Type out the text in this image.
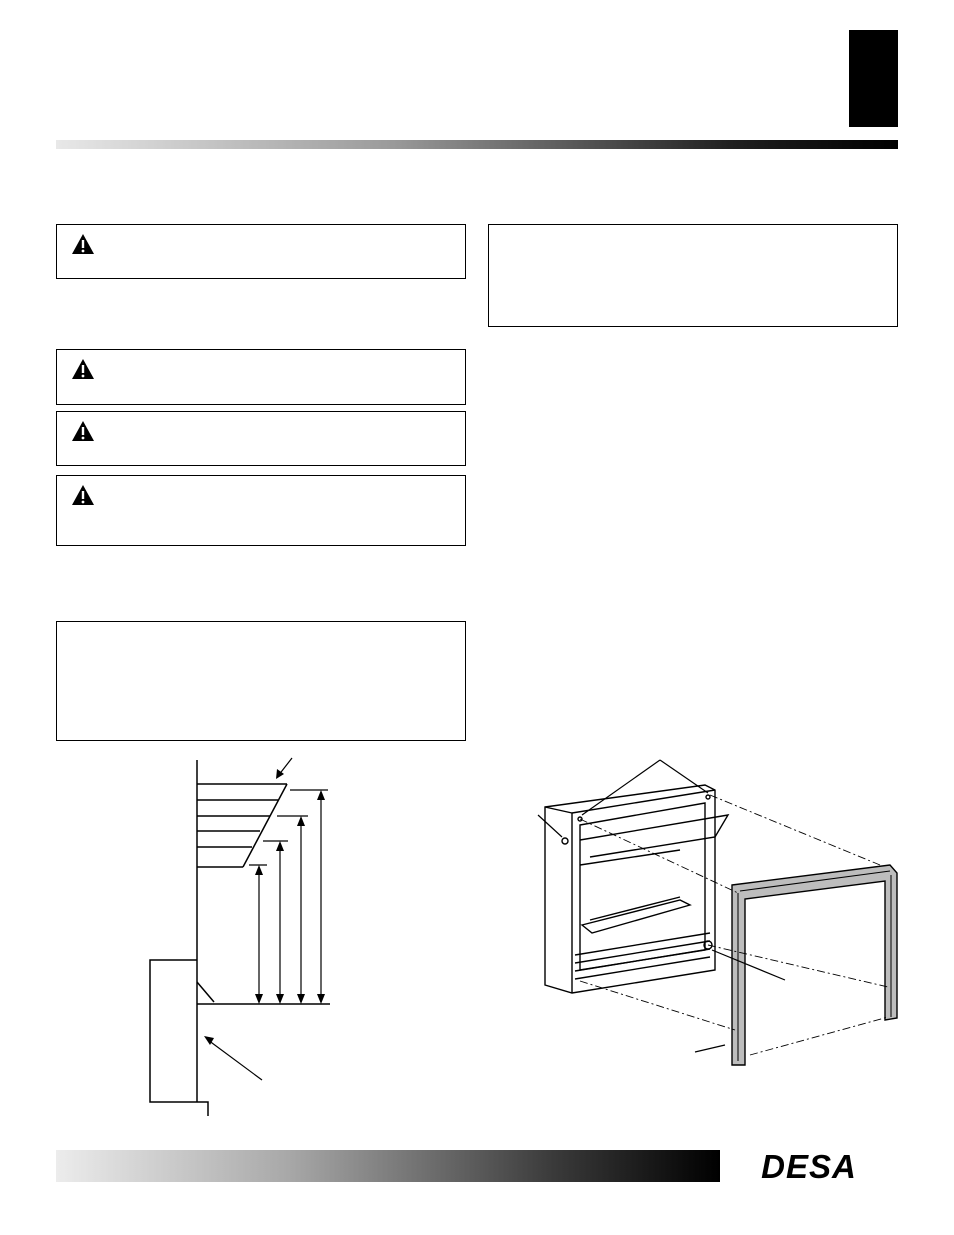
DESA
